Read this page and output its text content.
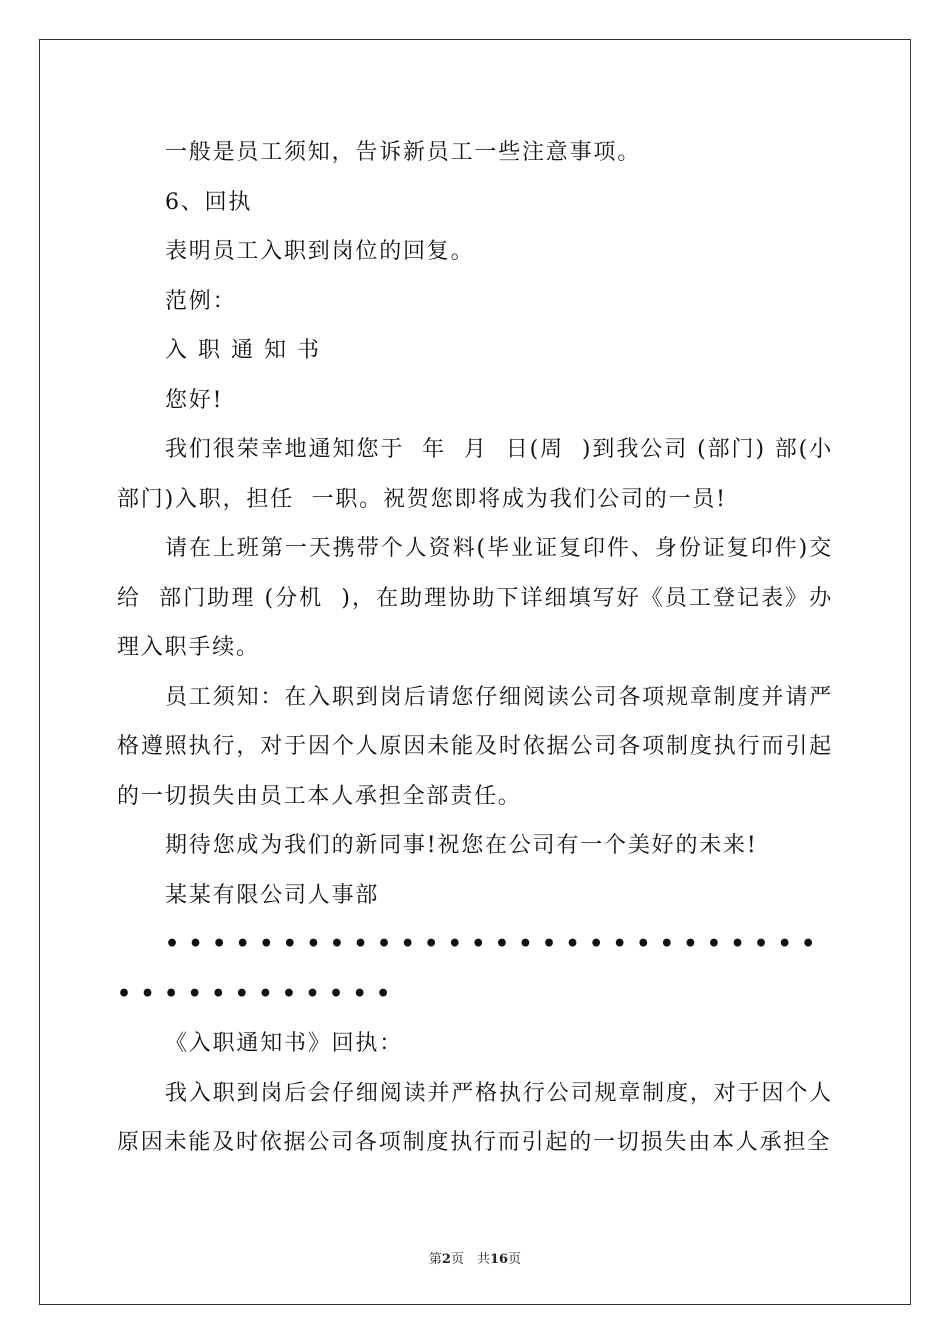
一般是员工须知，告诉新员工一些注意事项。

6、回执

表明员工入职到岗位的回复。

范例：

入 职 通 知 书

您好!

我们很荣幸地通知您于  年  月  日(周  )到我公司 (部门) 部(小部门)入职，担任  一职。祝贺您即将成为我们公司的一员!

请在上班第一天携带个人资料(毕业证复印件、身份证复印件)交给  部门助理 (分机  )，在助理协助下详细填写好《员工登记表》办理入职手续。

员工须知：在入职到岗后请您仔细阅读公司各项规章制度并请严格遵照执行，对于因个人原因未能及时依据公司各项制度执行而引起的一切损失由员工本人承担全部责任。

期待您成为我们的新同事!祝您在公司有一个美好的未来!

某某有限公司人事部

••••••••••••••••••••••••••••••••••••••••

《入职通知书》回执：

我入职到岗后会仔细阅读并严格执行公司规章制度，对于因个人原因未能及时依据公司各项制度执行而引起的一切损失由本人承担全

第2页　共16页
